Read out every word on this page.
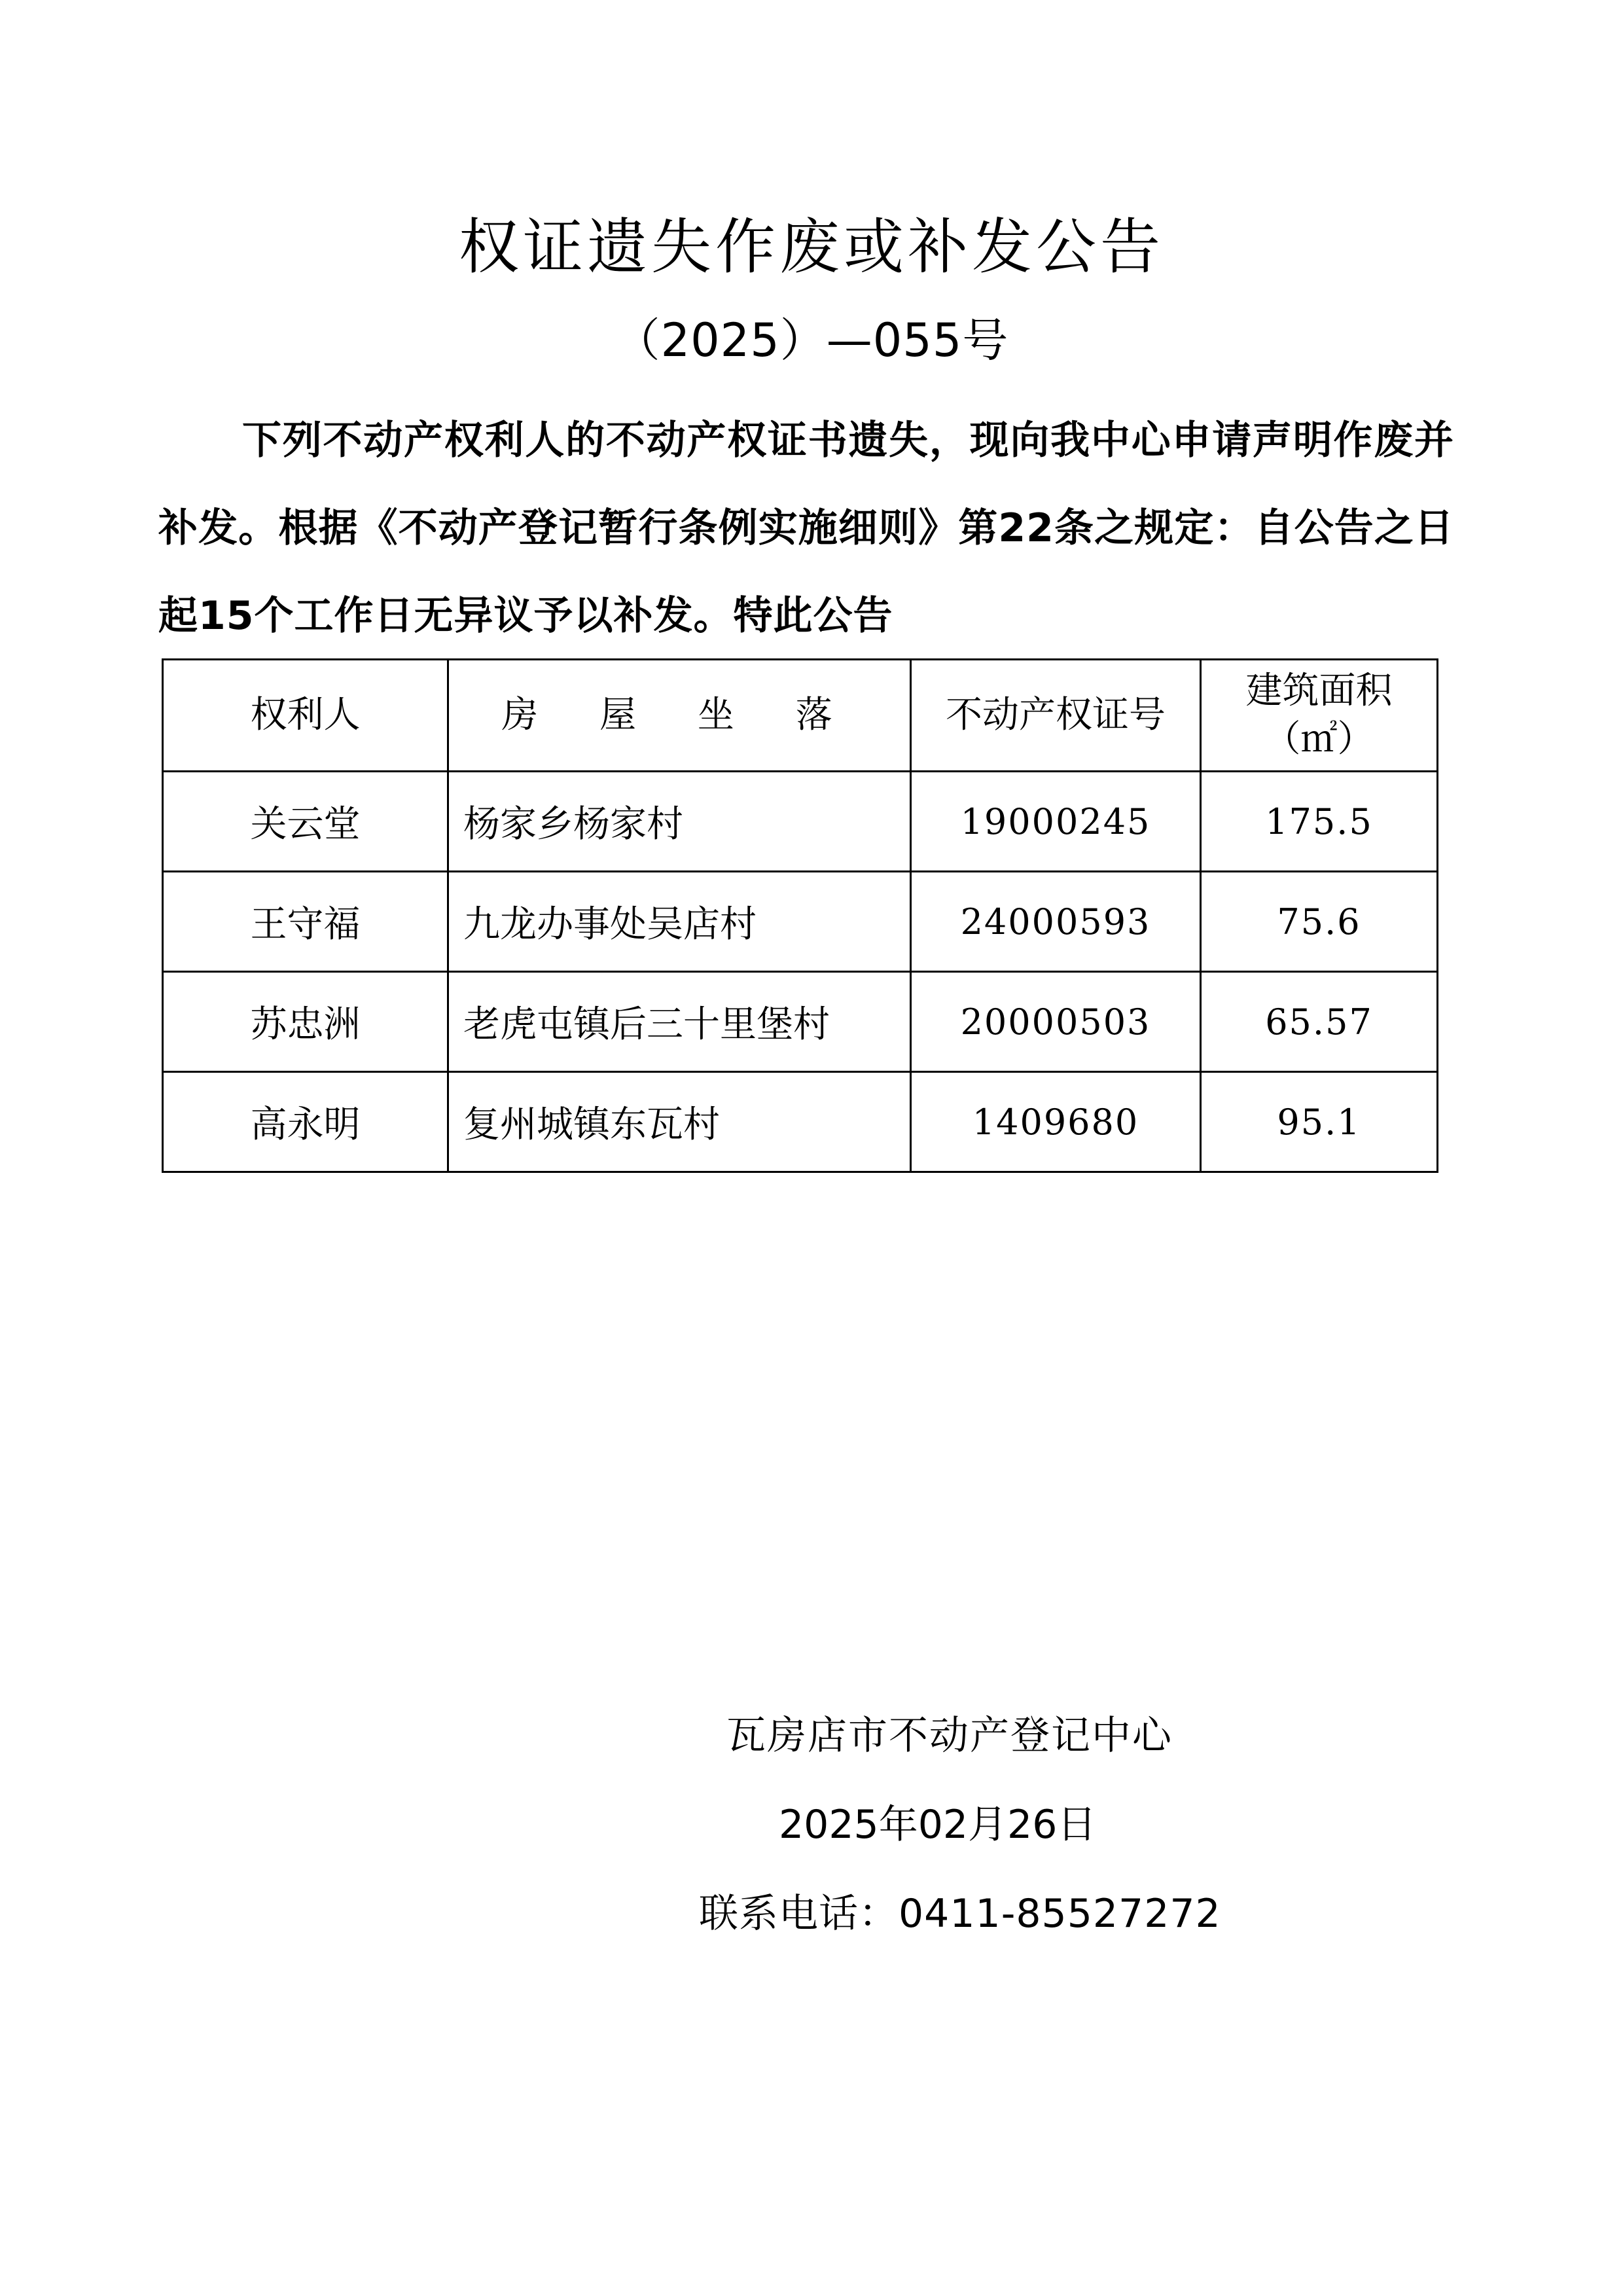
权证遗失作废或补发公告
（2025）—055号

下列不动产权利人的不动产权证书遗失，现向我中心申请声明作废并补发。根据《不动产登记暂行条例实施细则》第22条之规定：自公告之日起15个工作日无异议予以补发。特此公告

权利人	房 屋 坐 落	不动产权证号	建筑面积
（㎡）

关云堂	杨家乡杨家村	19000245	175.5
王守福	九龙办事处吴店村	24000593	75.6
苏忠洲	老虎屯镇后三十里堡村	20000503	65.57
高永明	复州城镇东瓦村	1409680	95.1
瓦房店市不动产登记中心
2025年02月26日
联系电话：0411-85527272
